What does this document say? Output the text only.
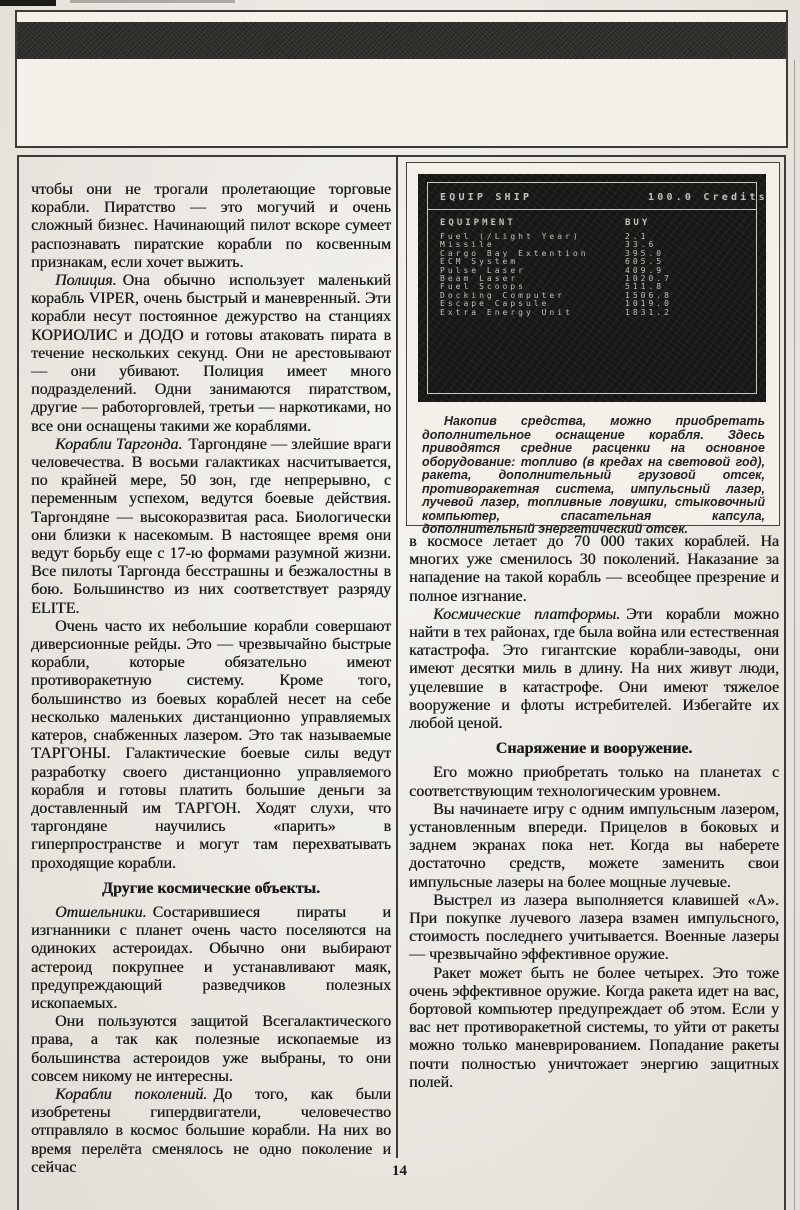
чтобы они не трогали пролетающие торговые корабли. Пиратство — это могучий и очень сложный бизнес. Начинающий пилот вскоре сумеет распознавать пиратские корабли по косвенным признакам, если хочет выжить.

Полиция. Она обычно использует маленький корабль VIPER, очень быстрый и маневренный. Эти корабли несут постоянное дежурство на станциях КОРИОЛИС и ДОДО и готовы атаковать пирата в течение нескольких секунд. Они не арестовывают — они убивают. Полиция имеет много подразделений. Одни занимаются пиратством, другие — работорговлей, третьи — наркотиками, но все они оснащены такими же кораблями.

Корабли Таргонда. Таргондяне — злейшие враги человечества. В восьми галактиках насчитывается, по крайней мере, 50 зон, где непрерывно, с переменным успехом, ведутся боевые действия. Таргондяне — высокоразвитая раса. Биологически они близки к насекомым. В настоящее время они ведут борьбу еще с 17-ю формами разумной жизни. Все пилоты Таргонда бесстрашны и безжалостны в бою. Большинство из них соответствует разряду ELITE.

Очень часто их небольшие корабли совершают диверсионные рейды. Это — чрезвычайно быстрые корабли, которые обязательно имеют противоракетную систему. Кроме того, большинство из боевых кораблей несет на себе несколько маленьких дистанционно управляемых катеров, снабженных лазером. Это так называемые ТАРГОНЫ. Галактические боевые силы ведут разработку своего дистанционно управляемого корабля и готовы платить большие деньги за доставленный им ТАРГОН. Ходят слухи, что таргондяне научились «парить» в гиперпространстве и могут там перехватывать проходящие корабли.

Другие космические объекты.

Отшельники. Состарившиеся пираты и изгнанники с планет очень часто поселяются на одиноких астероидах. Обычно они выбирают астероид покрупнее и устанавливают маяк, предупреждающий разведчиков полезных ископаемых.

Они пользуются защитой Всегалактического права, а так как полезные ископаемые из большинства астероидов уже выбраны, то они совсем никому не интересны.

Корабли поколений. До того, как были изобретены гипердвигатели, человечество отправляло в космос большие корабли. На них во время перелёта сменялось не одно поколение и сейчас

EQUIP SHIP	100.0 Credits
EQUIPMENT	BUY
Fuel (/Light Year)	2.1
Missile	33.6
Cargo Bay Extention	395.0
ECM System	605.5
Pulse Laser	409.9
Beam Laser	1020.7
Fuel Scoops	511.8
Docking Computer	1506.8
Escape Capsule	1019.0
Extra Energy Unit	1831.2
Накопив средства, можно приобретать дополнительное оснащение корабля. Здесь приводятся средние расценки на основное оборудование: топливо (в кредах на световой год), ракета, дополнительный грузовой отсек, противоракетная система, импульсный лазер, лучевой лазер, топливные ловушки, стыковочный компьютер, спасательная капсула, дополнительный энергетический отсек.

в космосе летает до 70 000 таких кораблей. На многих уже сменилось 30 поколений. Наказание за нападение на такой корабль — всеобщее презрение и полное изгнание.

Космические платформы. Эти корабли можно найти в тех районах, где была война или естественная катастрофа. Это гигантские корабли-заводы, они имеют десятки миль в длину. На них живут люди, уцелевшие в катастрофе. Они имеют тяжелое вооружение и флоты истребителей. Избегайте их любой ценой.

Снаряжение и вооружение.

Его можно приобретать только на планетах с соответствующим технологическим уровнем.

Вы начинаете игру с одним импульсным лазером, установленным впереди. Прицелов в боковых и заднем экранах пока нет. Когда вы наберете достаточно средств, можете заменить свои импульсные лазеры на более мощные лучевые.

Выстрел из лазера выполняется клавишей «А». При покупке лучевого лазера взамен импульсного, стоимость последнего учитывается. Военные лазеры — чрезвычайно эффективное оружие.

Ракет может быть не более четырех. Это тоже очень эффективное оружие. Когда ракета идет на вас, бортовой компьютер предупреждает об этом. Если у вас нет противоракетной системы, то уйти от ракеты можно только маневрированием. Попадание ракеты почти полностью уничтожает энергию защитных полей.

14
